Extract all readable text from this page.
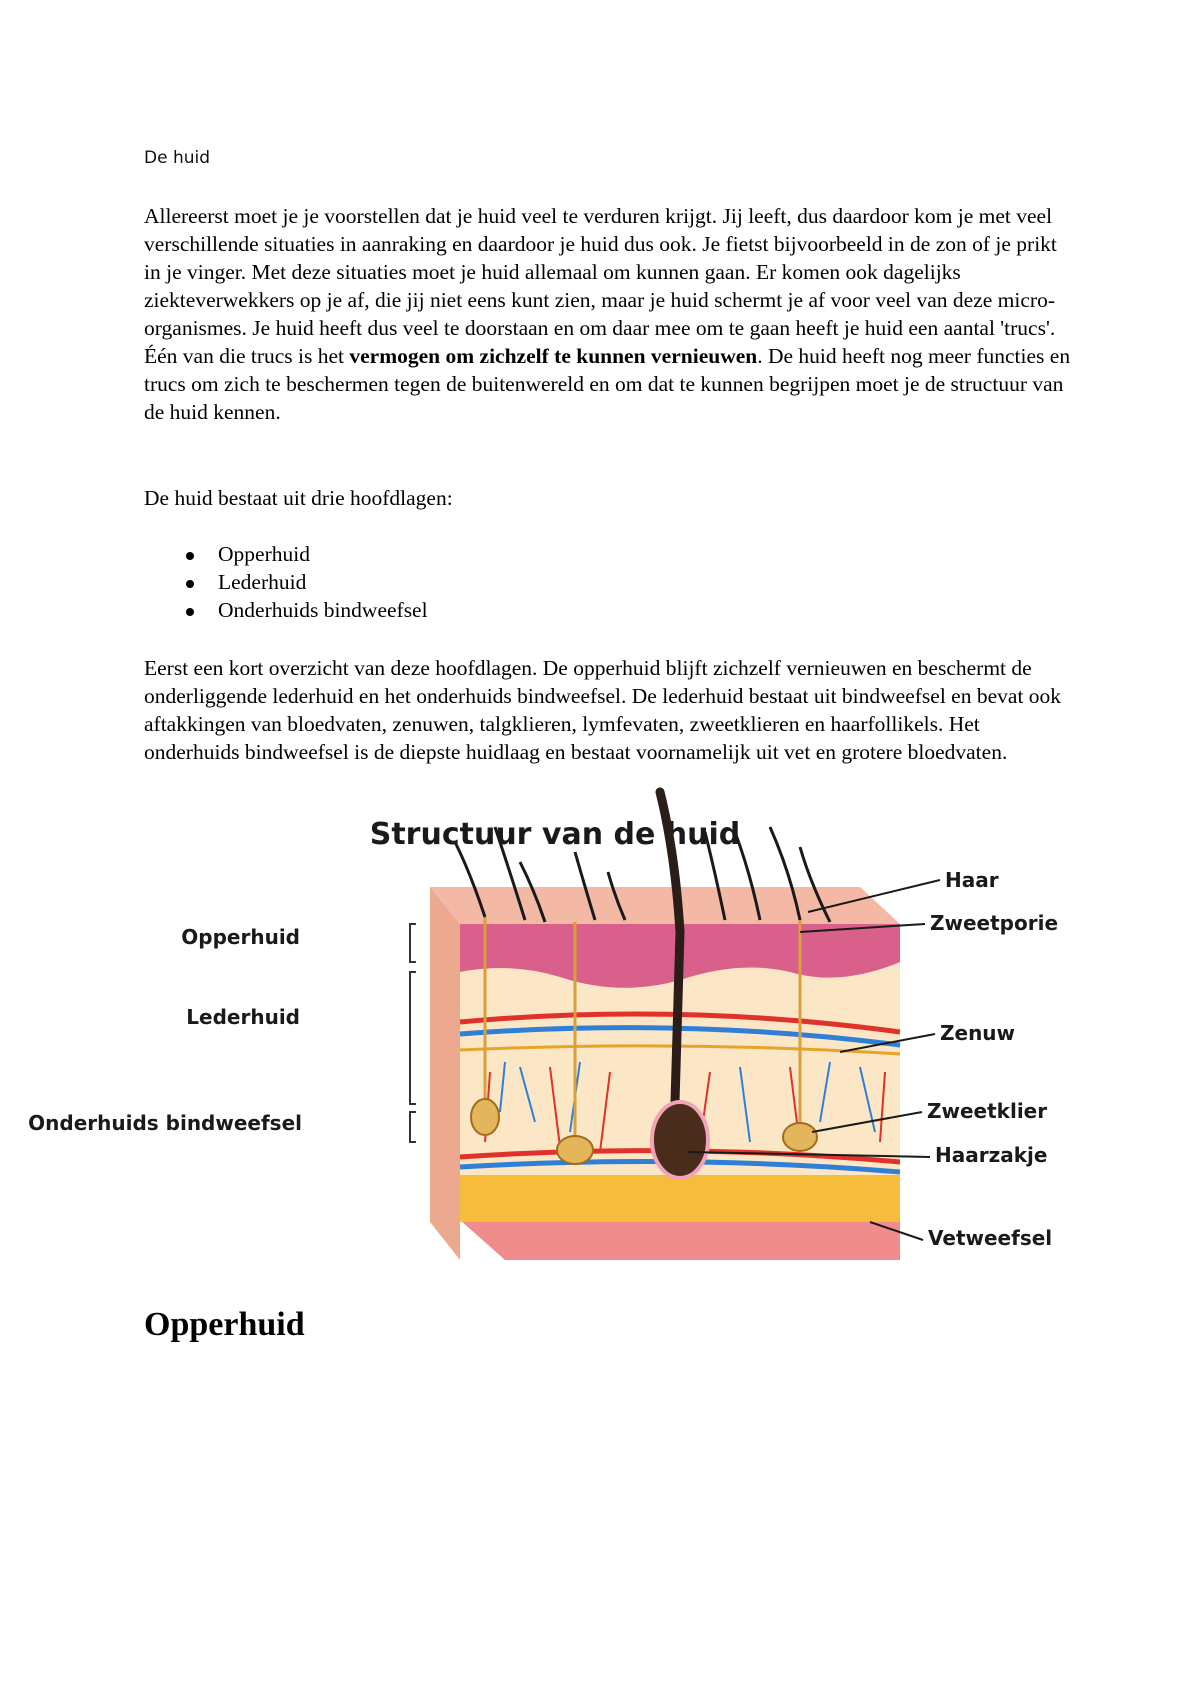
De huid

Allereerst moet je je voorstellen dat je huid veel te verduren krijgt. Jij leeft, dus daardoor kom je met veel verschillende situaties in aanraking en daardoor je huid dus ook. Je fietst bijvoorbeeld in de zon of je prikt in je vinger. Met deze situaties moet je huid allemaal om kunnen gaan. Er komen ook dagelijks ziekteverwekkers op je af, die jij niet eens kunt zien, maar je huid schermt je af voor veel van deze micro-organismes. Je huid heeft dus veel te doorstaan en om daar mee om te gaan heeft je huid een aantal 'trucs'. Één van die trucs is het vermogen om zichzelf te kunnen vernieuwen. De huid heeft nog meer functies en trucs om zich te beschermen tegen de buitenwereld en om dat te kunnen begrijpen moet je de structuur van de huid kennen.

De huid bestaat uit drie hoofdlagen:

Opperhuid
Lederhuid
Onderhuids bindweefsel

Eerst een kort overzicht van deze hoofdlagen. De opperhuid blijft zichzelf vernieuwen en beschermt de onderliggende lederhuid en het onderhuids bindweefsel. De lederhuid bestaat uit bindweefsel en bevat ook aftakkingen van bloedvaten, zenuwen, talgklieren, lymfevaten, zweetklieren en haarfollikels. Het onderhuids bindweefsel is de diepste huidlaag en bestaat voornamelijk uit vet en grotere bloedvaten.

Structuur van de huid
Opperhuid
Lederhuid
Onderhuids bindweefsel
Haar
Zweetporie
Zenuw
Zweetklier
Haarzakje
Vetweefsel
Opperhuid
